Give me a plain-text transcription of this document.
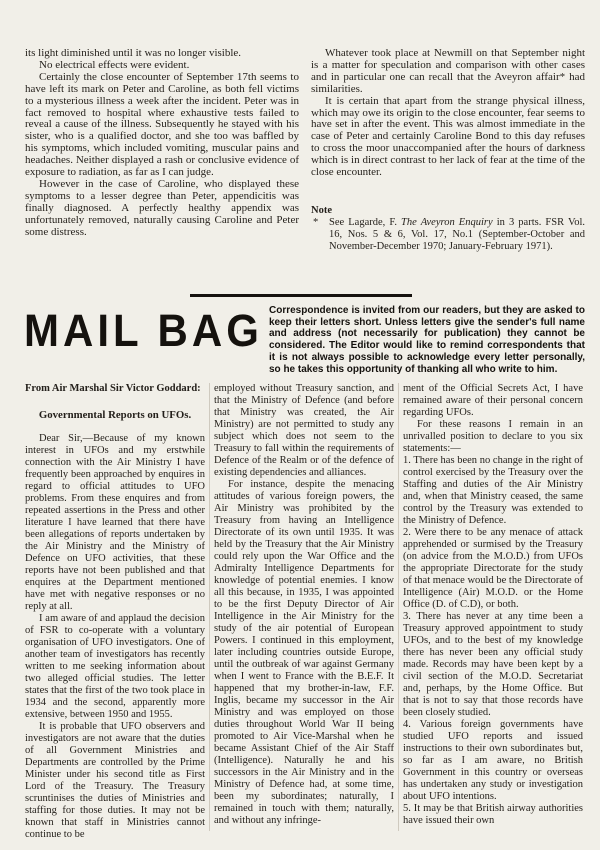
its light diminished until it was no longer visible.

No electrical effects were evident.

Certainly the close encounter of September 17th seems to have left its mark on Peter and Caroline, as both fell victims to a mysterious illness a week after the incident. Peter was in fact removed to hospital where exhaustive tests failed to reveal a cause of the illness. Subsequently he stayed with his sister, who is a qualified doctor, and she too was baffled by his symptoms, which included vomiting, muscular pains and headaches. Neither displayed a rash or conclusive evidence of exposure to radiation, as far as I can judge.

However in the case of Caroline, who displayed these symptoms to a lesser degree than Peter, appendicitis was finally diagnosed. A perfectly healthy appendix was unfortunately removed, naturally causing Caroline and Peter some distress.

Whatever took place at Newmill on that September night is a matter for speculation and comparison with other cases and in particular one can recall that the Aveyron affair* had similarities.

It is certain that apart from the strange physical illness, which may owe its origin to the close encounter, fear seems to have set in after the event. This was almost immediate in the case of Peter and certainly Caroline Bond to this day refuses to cross the moor unaccompanied after the hours of darkness which is in direct contrast to her lack of fear at the time of the close encounter.

Note
* See Lagarde, F. The Aveyron Enquiry in 3 parts. FSR Vol. 16, Nos. 5 & 6, Vol. 17, No.1 (September-October and November-December 1970; January-February 1971).
MAIL BAG Correspondence is invited from our readers, but they are asked to keep their letters short. Unless letters give the sender's full name and address (not necessarily for publication) they cannot be considered. The Editor would like to remind correspondents that it is not always possible to acknowledge every letter personally, so he takes this opportunity of thanking all who write to him.

From Air Marshal Sir Victor Goddard:

Governmental Reports on UFOs.

Dear Sir,—Because of my known interest in UFOs and my erstwhile connection with the Air Ministry I have frequently been approached by enquires in regard to official attitudes to UFO problems. From these enquires and from repeated assertions in the Press and other literature I have learned that there have been allegations of reports undertaken by the Air Ministry and the Ministry of Defence on UFO activities, that these reports have not been published and that enquires at the Department mentioned have met with negative responses or no reply at all.

I am aware of and applaud the decision of FSR to co-operate with a voluntary organisation of UFO investigators. One of another team of investigators has recently written to me seeking information about two alleged official studies. The letter states that the first of the two took place in 1934 and the second, apparently more extensive, between 1950 and 1955.

It is probable that UFO observers and investigators are not aware that the duties of all Government Ministries and Departments are controlled by the Prime Minister under his second title as First Lord of the Treasury. The Treasury scruntinises the duties of Ministries and staffing for those duties. It may not be known that staff in Ministries cannot continue to be

employed without Treasury sanction, and that the Ministry of Defence (and before that Ministry was created, the Air Ministry) are not permitted to study any subject which does not seem to the Treasury to fall within the requirements of Defence of the Realm or of the defence of existing dependencies and alliances.

For instance, despite the menacing attitudes of various foreign powers, the Air Ministry was prohibited by the Treasury from having an Intelligence Directorate of its own until 1935. It was held by the Treasury that the Air Ministry could rely upon the War Office and the Admiralty Intelligence Departments for knowledge of potential enemies. I know all this because, in 1935, I was appointed to be the first Deputy Director of Air Intelligence in the Air Ministry for the study of the air potential of European Powers. I continued in this employment, later including countries outside Europe, until the outbreak of war against Germany when I went to France with the B.E.F. It happened that my brother-in-law, F.F. Inglis, became my successor in the Air Ministry and was employed on those duties throughout World War II being promoted to Air Vice-Marshal when he became Assistant Chief of the Air Staff (Intelligence). Naturally he and his successors in the Air Ministry and in the Ministry of Defence had, at some time, been my subordinates; naturally, I remained in touch with them; naturally, and without any infringe-

ment of the Official Secrets Act, I have remained aware of their personal concern regarding UFOs.

For these reasons I remain in an unrivalled position to declare to you six statements:—

1. There has been no change in the right of control exercised by the Treasury over the Staffing and duties of the Air Ministry and, when that Ministry ceased, the same control by the Treasury was extended to the Ministry of Defence.

2. Were there to be any menace of attack apprehended or surmised by the Treasury (on advice from the M.O.D.) from UFOs the appropriate Directorate for the study of that menace would be the Directorate of Intelligence (Air) M.O.D. or the Home Office (D. of C.D), or both.

3. There has never at any time been a Treasury approved appointment to study UFOs, and to the best of my knowledge there has never been any official study made. Records may have been kept by a civil section of the M.O.D. Secretariat and, perhaps, by the Home Office. But that is not to say that those records have been closely studied.

4. Various foreign governments have studied UFO reports and issued instructions to their own subordinates but, so far as I am aware, no British Government in this country or overseas has undertaken any study or investigation about UFO intentions.

5. It may be that British airway authorities have issued their own
